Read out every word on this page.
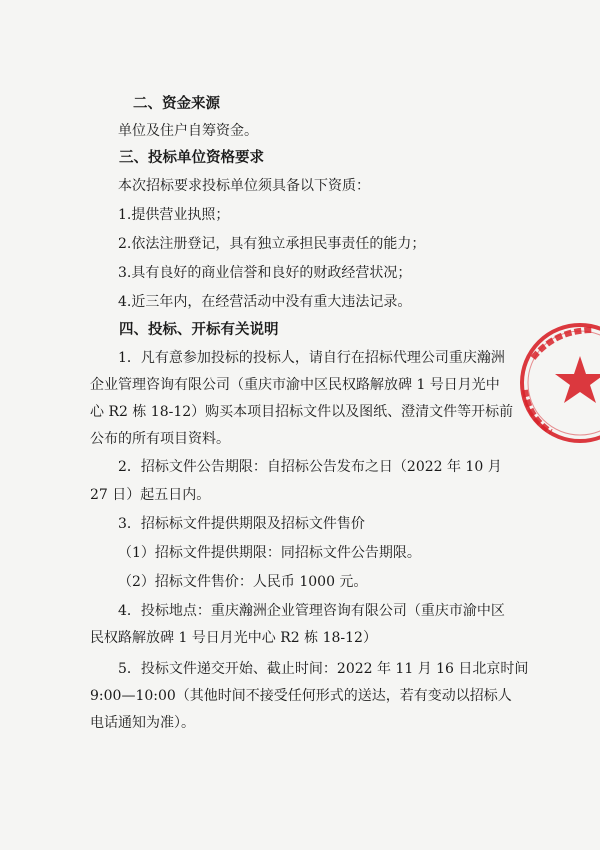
二、资金来源
单位及住户自筹资金。
三、投标单位资格要求
本次招标要求投标单位须具备以下资质：
1.提供营业执照；
2.依法注册登记，具有独立承担民事责任的能力；
3.具有良好的商业信誉和良好的财政经营状况；
4.近三年内，在经营活动中没有重大违法记录。
四、投标、开标有关说明
1．凡有意参加投标的投标人，请自行在招标代理公司重庆瀚洲
企业管理咨询有限公司（重庆市渝中区民权路解放碑 1 号日月光中
心 R2 栋 18-12）购买本项目招标文件以及图纸、澄清文件等开标前
公布的所有项目资料。
2．招标文件公告期限：自招标公告发布之日（2022 年 10 月
27 日）起五日内。
3．招标标文件提供期限及招标文件售价
（1）招标文件提供期限：同招标文件公告期限。
（2）招标文件售价：人民币 1000 元。
4．投标地点：重庆瀚洲企业管理咨询有限公司（重庆市渝中区
民权路解放碑 1 号日月光中心 R2 栋 18-12）
5．投标文件递交开始、截止时间：2022 年 11 月 16 日北京时间
9:00—10:00（其他时间不接受任何形式的送达，若有变动以招标人
电话通知为准）。
